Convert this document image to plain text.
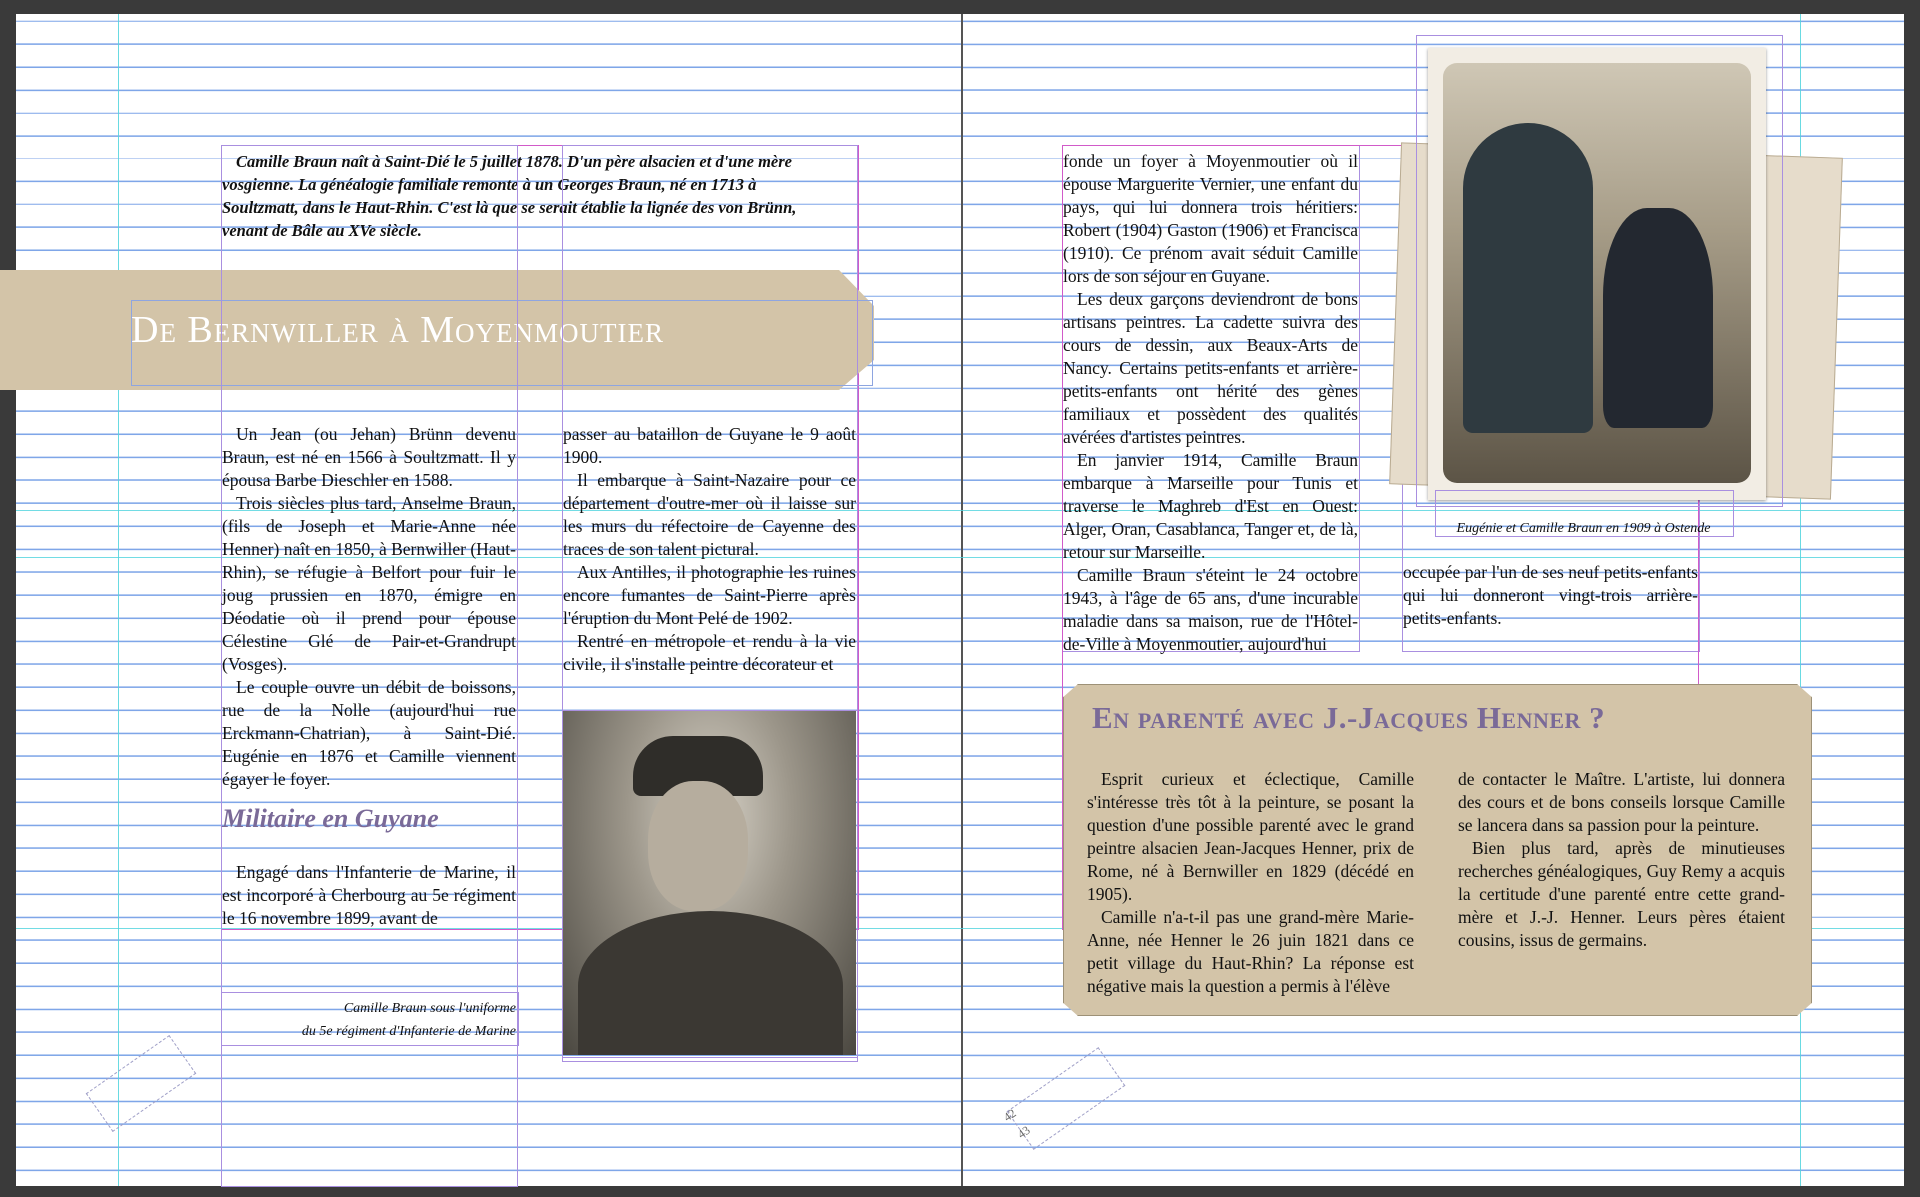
Camille Braun naît à Saint-Dié le 5 juillet 1878. D'un père alsacien et d'une mère
vosgienne. La généalogie familiale remonte à un Georges Braun, né en 1713 à
Soultzmatt, dans le Haut-Rhin. C'est là que se serait établie la lignée des von Brünn,
venant de Bâle au XVe siècle.
De Bernwiller à Moyenmoutier

Un Jean (ou Jehan) Brünn devenu Braun, est né en 1566 à Soultzmatt. Il y épousa Barbe Dieschler en 1588.

Trois siècles plus tard, Anselme Braun, (fils de Joseph et Marie-Anne née Henner) naît en 1850, à Bernwiller (Haut-Rhin), se réfugie à Belfort pour fuir le joug prussien en 1870, émigre en Déodatie où il prend pour épouse Célestine Glé de Pair-et-Grandrupt (Vosges).

Le couple ouvre un débit de boissons, rue de la Nolle (aujourd'hui rue Erckmann-Chatrian), à Saint-Dié. Eugénie en 1876 et Camille viennent égayer le foyer.

Militaire en Guyane

Engagé dans l'Infanterie de Marine, il est incorporé à Cherbourg au 5e régiment le 16 novembre 1899, avant de

Camille Braun sous l'uniforme
du 5e régiment d'Infanterie de Marine

passer au bataillon de Guyane le 9 août 1900.

Il embarque à Saint-Nazaire pour ce département d'outre-mer où il laisse sur les murs du réfectoire de Cayenne des traces de son talent pictural.

Aux Antilles, il photographie les ruines encore fumantes de Saint-Pierre après l'éruption du Mont Pelé de 1902.

Rentré en métropole et rendu à la vie civile, il s'installe peintre décorateur et

fonde un foyer à Moyenmoutier où il épouse Marguerite Vernier, une enfant du pays, qui lui donnera trois héritiers: Robert (1904) Gaston (1906) et Francisca (1910). Ce prénom avait séduit Camille lors de son séjour en Guyane.

Les deux garçons deviendront de bons artisans peintres. La cadette suivra des cours de dessin, aux Beaux-Arts de Nancy. Certains petits-enfants et arrière-petits-enfants ont hérité des gènes familiaux et possèdent des qualités avérées d'artistes peintres.

En janvier 1914, Camille Braun embarque à Marseille pour Tunis et traverse le Maghreb d'Est en Ouest: Alger, Oran, Casablanca, Tanger et, de là, retour sur Marseille.

Camille Braun s'éteint le 24 octobre 1943, à l'âge de 65 ans, d'une incurable maladie dans sa maison, rue de l'Hôtel-de-Ville à Moyenmoutier, aujourd'hui

occupée par l'un de ses neuf petits-enfants qui lui donneront vingt-trois arrière-petits-enfants.

Eugénie et Camille Braun en 1909 à Ostende
En parenté avec J.-Jacques Henner ?

Esprit curieux et éclectique, Camille s'intéresse très tôt à la peinture, se posant la question d'une possible parenté avec le grand peintre alsacien Jean-Jacques Henner, prix de Rome, né à Bernwiller en 1829 (décédé en 1905).

Camille n'a-t-il pas une grand-mère Marie-Anne, née Henner le 26 juin 1821 dans ce petit village du Haut-Rhin? La réponse est négative mais la question a permis à l'élève

de contacter le Maître. L'artiste, lui donnera des cours et de bons conseils lorsque Camille se lancera dans sa passion pour la peinture.

Bien plus tard, après de minutieuses recherches généalogiques, Guy Remy a acquis la certitude d'une parenté entre cette grand-mère et J.-J. Henner. Leurs pères étaient cousins, issus de germains.

42
43
